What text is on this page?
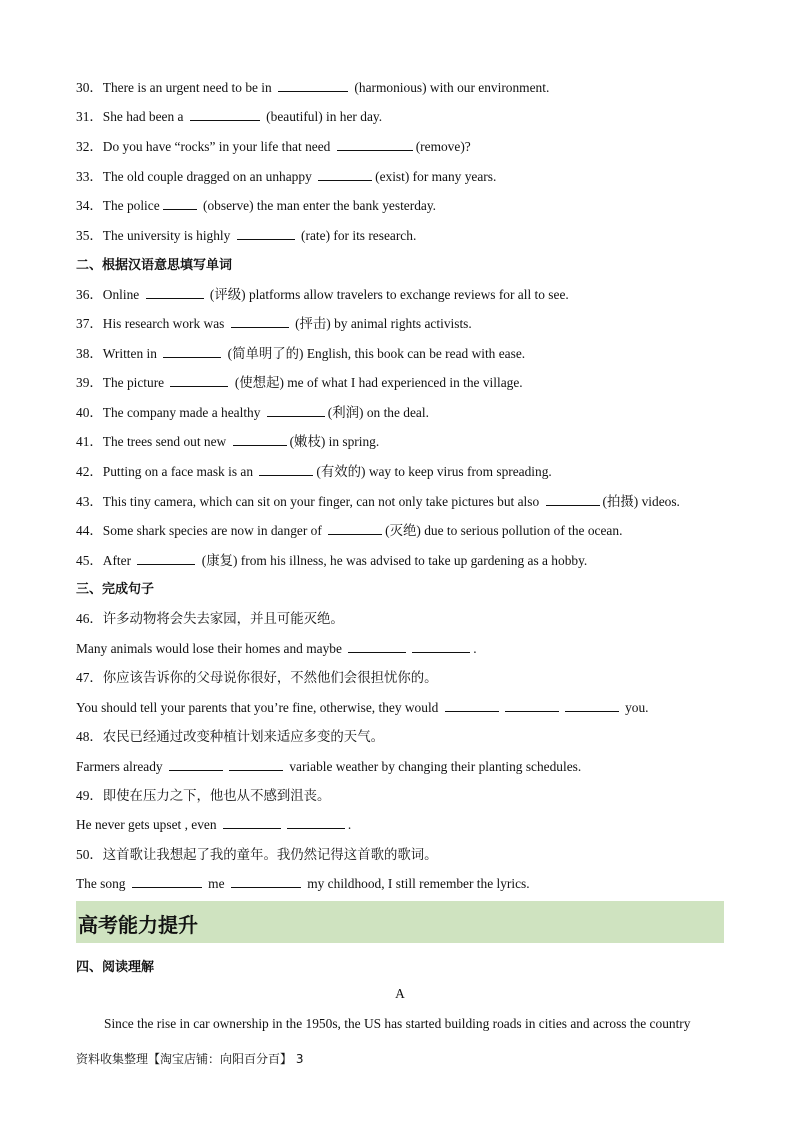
30．There is an urgent need to be in	(harmonious) with our environment.
31．She had been a	(beautiful) in her day.
32．Do you have “rocks” in your life that need	(remove)?
33．The old couple dragged on an unhappy	(exist) for many years.
34．The police	(observe) the man enter the bank yesterday.
35．The university is highly	(rate) for its research.
二、根据汉语意思填写单词
36．Online	(评级) platforms allow travelers to exchange reviews for all to see.
37．His research work was	(抨击) by animal rights activists.
38．Written in	(简单明了的) English, this book can be read with ease.
39．The picture	(使想起) me of what I had experienced in the village.
40．The company made a healthy	(利润) on the deal.
41．The trees send out new	(嫩枝) in spring.
42．Putting on a face mask is an	(有效的) way to keep virus from spreading.
43．This tiny camera, which can sit on your finger, can not only take pictures but also	(拍摄) videos.
44．Some shark species are now in danger of	(灭绝) due to serious pollution of the ocean.
45．After	(康复) from his illness, he was advised to take up gardening as a hobby.
三、完成句子
46．许多动物将会失去家园，并且可能灭绝。
Many animals would lose their homes and maybe	.
47．你应该告诉你的父母说你很好，不然他们会很担忧你的。
You should tell your parents that you’re fine, otherwise, they would	you.
48．农民已经通过改变种植计划来适应多变的天气。
Farmers already	variable weather by changing their planting schedules.
49．即使在压力之下，他也从不感到沮丧。
He never gets upset , even	.
50．这首歌让我想起了我的童年。我仍然记得这首歌的歌词。
The song	me	my childhood, I still remember the lyrics.
高考能力提升
四、阅读理解
A
Since the rise in car ownership in the 1950s, the US has started building roads in cities and across the country
资料收集整理【淘宝店铺：向阳百分百】 3
